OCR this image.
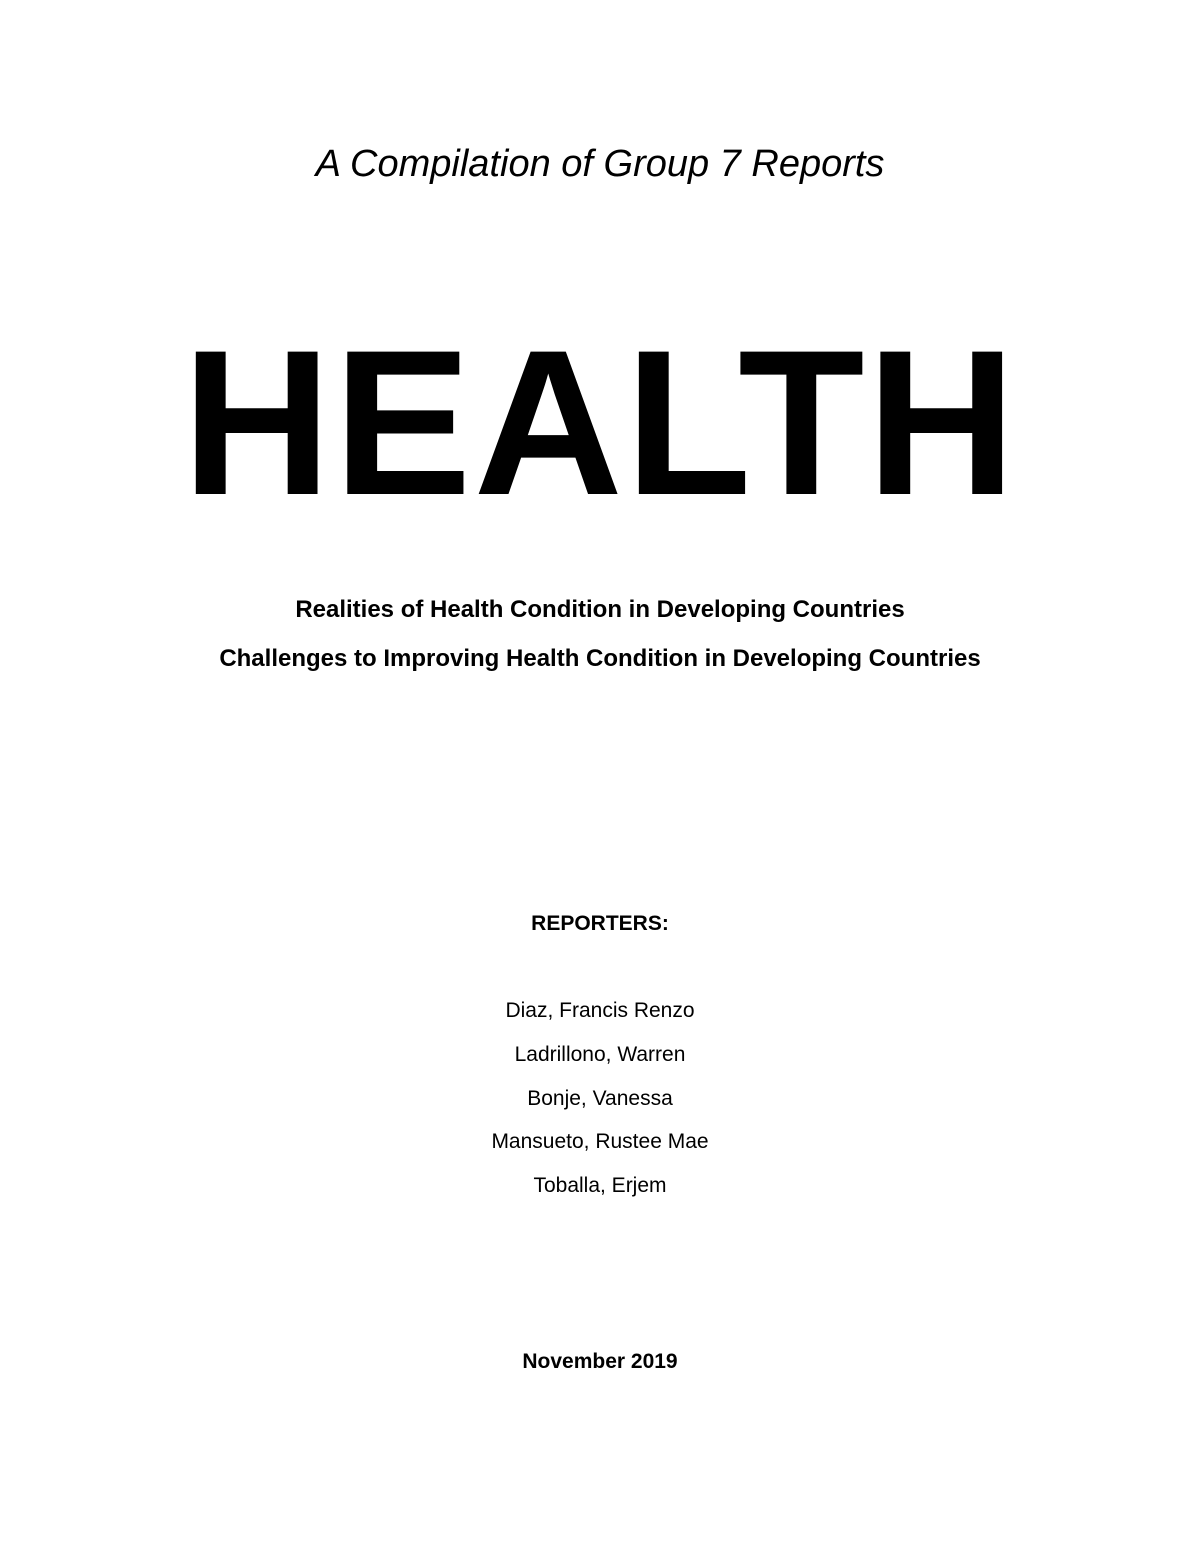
A Compilation of Group 7 Reports

HEALTH

Realities of Health Condition in Developing Countries

Challenges to Improving Health Condition in Developing Countries

REPORTERS:

Diaz, Francis Renzo

Ladrillono, Warren

Bonje, Vanessa

Mansueto, Rustee Mae

Toballa, Erjem

November 2019
